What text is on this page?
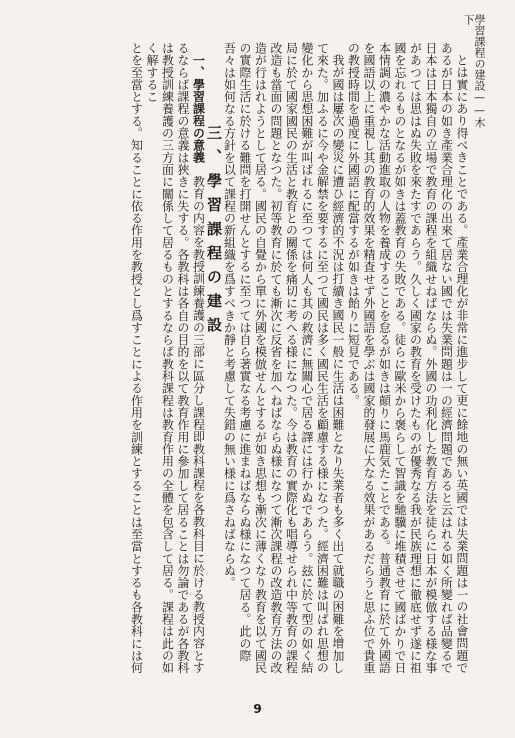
學習課程の建設——木下

とは實にあり得べきことである。產業合理化が非常に進步して更に餘地の無い英國では失業問題は一の社會問題であるが日本の如き產業合理化の出來て居ない國では失業問題は一の經濟問題であると云はれる如く所變れば品變るで日本は日本獨自の立場で教育の課程を組織せねばならぬ。外國の功利化した教育方法を徒らに日本が模倣する様な事があつては思はぬ失敗を來たすであらう。久しく國家の教育を受けたものが優秀なる我が民族理想に徹底せず遂に祖國を忘れるものとなるが如きは蓋教育の失敗である。徒らに歐米から褒らして智識を馳驥に堆積させて國ばかりで日本情調の濃やかな活動進取の人物を養成することを怠るが如きは顛りに馬鹿気たことである。普通教育に於て外國語を國語以上に重視し其の教育的效果を精査せず外國語を學ぶは國家的發展に大なる效果があるだらうと思ふ位で貴重の教授時間を過度に外國語に配當するが如きは飴りに短見である。

我が國は屢次の變災に遭ひ經濟的不況は打續き國民一般に生活は困難となり失業者も多く出て就職の困難を增加して來た。加ふるに今や金解禁を要するに至つて國民は多く國民生活を顧慮する様になつた。經濟困難は叫ばれ思想の變化から思想困難が叫ばれるに至つては何人も其の救濟に無關心で居る譯には行かぬであらう。玆に於て型の如く結局に於て國家國民の生活と教育との關係を痛切に考へる様になつた。今は教育の實際化も唱導せられ中等教育の課程改造も當面の問題となつた。初等教育に於ても漸次に反省を加へねばならぬ様になつて漸次課程の改造教育方法の改造が行はれようとして居る。國民の自覺から單に外國を模倣せんとするが如き思想も漸次に薄くなり教育を以て國民の實際生活に於ける難問を打開せんとするに至つては自ら著實なる考慮に進まねばならぬ様になつて居る。此の際吾々は如何なる方針を以て課程の新組織を爲すべきか靜と考慮して失錯の無い様に爲さねばならぬ。

三、學習課程の建設

一、學習課程の意義　教育の内容を教授訓練養護の三部に區分し課程即教科課程を各教科目に於ける教授内容とするならば課程の意義は狹きに失する。各教科は各自の目的を以て教育作用に參加して居ることは勿論であるが各教科は教授訓練養護の三方面に關係して居るものとするならば教科課程は教育作用の全體を包含して居る。課程は此の如く解するこ

とを至當とする。知ることに依る作用を教授とし爲すことによる作用を訓練とすることは至當とするも各教科には何

9
